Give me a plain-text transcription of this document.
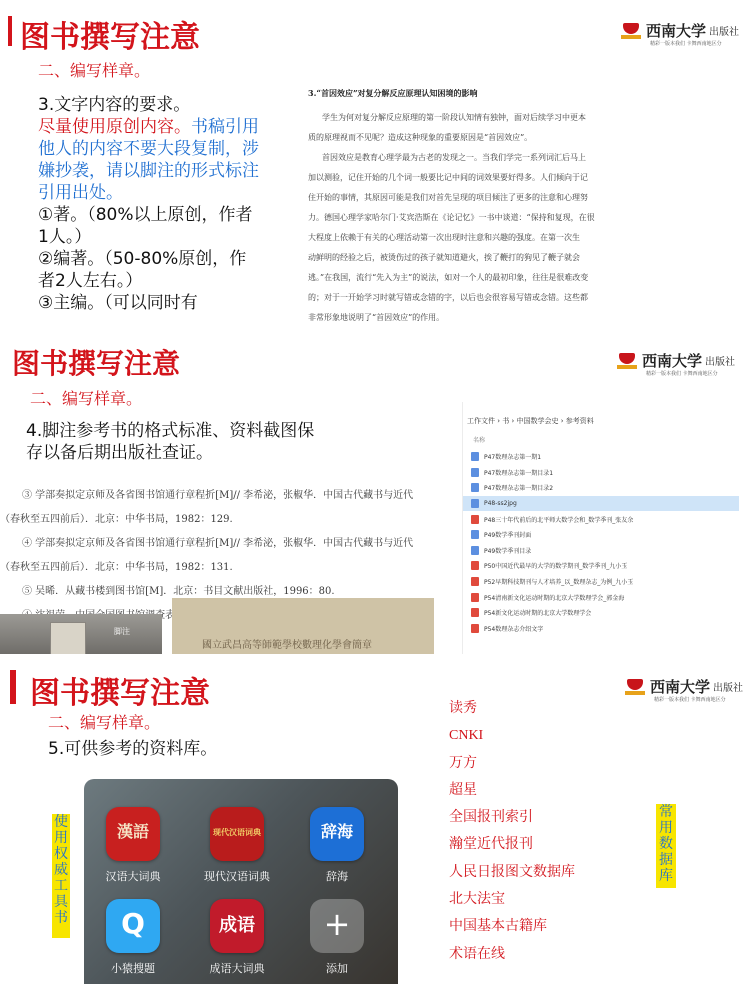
图书撰写注意
二、编写样章。
西南大学 出版社
精彩一版本我们 卡舞西南地区分
3.文字内容的要求。
尽量使用原创内容。书稿引用他人的内容不要大段复制，涉嫌抄袭，请以脚注的形式标注引用出处。
①著。（80%以上原创，作者1人。）
②编著。（50-80%原创，作者2人左右。）
③主编。（可以同时有
3.“首因效应”对复分解反应原理认知困境的影响
学生为何对复分解反应原理的第一阶段认知情有独钟，面对后续学习中更本
质的原理视而不见呢？造成这种现象的重要原因是“首因效应”。
首因效应是教育心理学最为古老的发现之一。当我们学完一系列词汇后马上
加以测验，记住开始的几个词一般要比记中间的词效果要好得多。人们倾向于记
住开始的事情，其原因可能是我们对首先呈现的项目倾注了更多的注意和心理努
力。德国心理学家哈尔门·艾宾浩斯在《论记忆》一书中谈道：“保持和复现，在很
大程度上依赖于有关的心理活动第一次出现时注意和兴趣的强度。在第一次生
动鲜明的经验之后，被烫伤过的孩子就知道避火，挨了鞭打的狗见了鞭子就会
逃。”在我国，流行“先入为主”的说法，如对一个人的最初印象，往往是很难改变
的；对于一开始学习时就写错或念错的字，以后也会很容易写错或念错。这些都
非常形象地说明了“首因效应”的作用。
图书撰写注意
二、编写样章。
西南大学 出版社
精彩一版本我们 卡舞西南地区分
4.脚注参考书的格式标准、资料截图保存以备后期出版社查证。
③ 学部奏拟定京师及各省图书馆通行章程折[M]// 李希泌，张椒华．中国古代藏书与近代
（春秋至五四前后）．北京：中华书局，1982：129.
④ 学部奏拟定京师及各省图书馆通行章程折[M]// 李希泌，张椒华．中国古代藏书与近代
（春秋至五四前后）．北京：中华书局，1982：131.
⑤ 吴晞．从藏书楼到图书馆[M]．北京：书目文献出版社，1996：80.
脚注
國立武昌高等師範學校數理化學會簡章
工作文件 › 书 › 中国数学会史 › 参考资料
名称
P47数理杂志第一期1
P47数理杂志第一期目录1
P47数理杂志第一期目录2
P48-ss2jpg
P48三十年代前后的北平师大数学会和_数学季刊_张友余
P49数学季刊封面
P49数学季刊目录
P50中国近代最早的大学的数学期刊_数学季刊_九小玉
P52早期科技期刊与人才培养_以_数理杂志_为例_九小玉
P54清南新文化运动时期的北京大学数理学会_郭金海
P54新文化运动时期的北京大学数理学会
P54数理杂志介绍文字
图书撰写注意
二、编写样章。
西南大学 出版社
精彩一版本我们 卡舞西南地区分
5.可供参考的资料库。
使用权威工具书
常用数据库
漢語
汉语大词典
现代汉语词典
现代汉语词典
辞海
辞海
Q
小猿搜题
成语
成语大词典
+
添加
读秀
CNKI
万方
超星
全国报刊索引
瀚堂近代报刊
人民日报图文数据库
北大法宝
中国基本古籍库
术语在线
